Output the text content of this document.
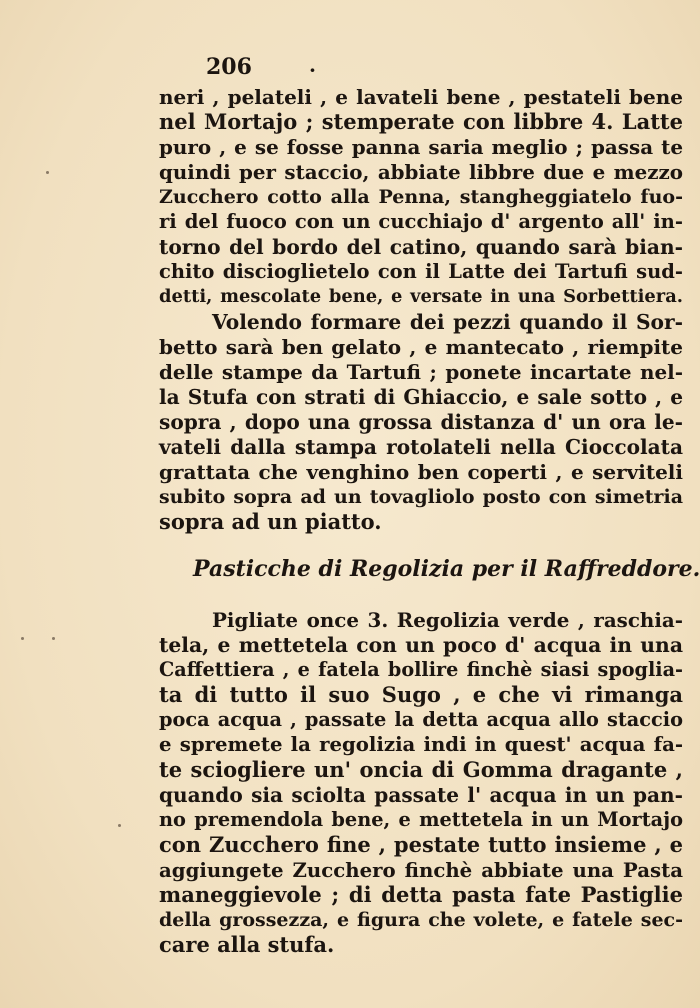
206	·
neri , pelateli , e lavateli bene , pestateli bene
nel Mortajo ; stemperate con libbre 4. Latte
puro , e se fosse panna saria meglio ; passa te
quindi per staccio, abbiate libbre due e mezzo
Zucchero cotto alla Penna, stangheggiatelo fuo-
ri del fuoco con un cucchiajo d' argento all' in-
torno del bordo del catino, quando sarà bian-
chito discioglietelo con il Latte dei Tartufi sud-
detti, mescolate bene, e versate in una Sorbettiera.
Volendo formare dei pezzi quando il Sor-
betto sarà ben gelato , e mantecato , riempite
delle stampe da Tartufi ; ponete incartate nel-
la Stufa con strati di Ghiaccio, e sale sotto , e
sopra , dopo una grossa distanza d' un ora le-
vateli dalla stampa rotolateli nella Cioccolata
grattata che venghino ben coperti , e serviteli
subito sopra ad un tovagliolo posto con simetria
sopra ad un piatto.
Pasticche di Regolizia per il Raffreddore.
Pigliate once 3. Regolizia verde , raschia-
tela, e mettetela con un poco d' acqua in una
Caffettiera , e fatela bollire finchè siasi spoglia-
ta di tutto il suo Sugo , e che vi rimanga
poca acqua , passate la detta acqua allo staccio
e spremete la regolizia indi in quest' acqua fa-
te sciogliere un' oncia di Gomma dragante ,
quando sia sciolta passate l' acqua in un pan-
no premendola bene, e mettetela in un Mortajo
con Zucchero fine , pestate tutto insieme , e
aggiungete Zucchero finchè abbiate una Pasta
maneggievole ; di detta pasta fate Pastiglie
della grossezza, e figura che volete, e fatele sec-
care alla stufa.
